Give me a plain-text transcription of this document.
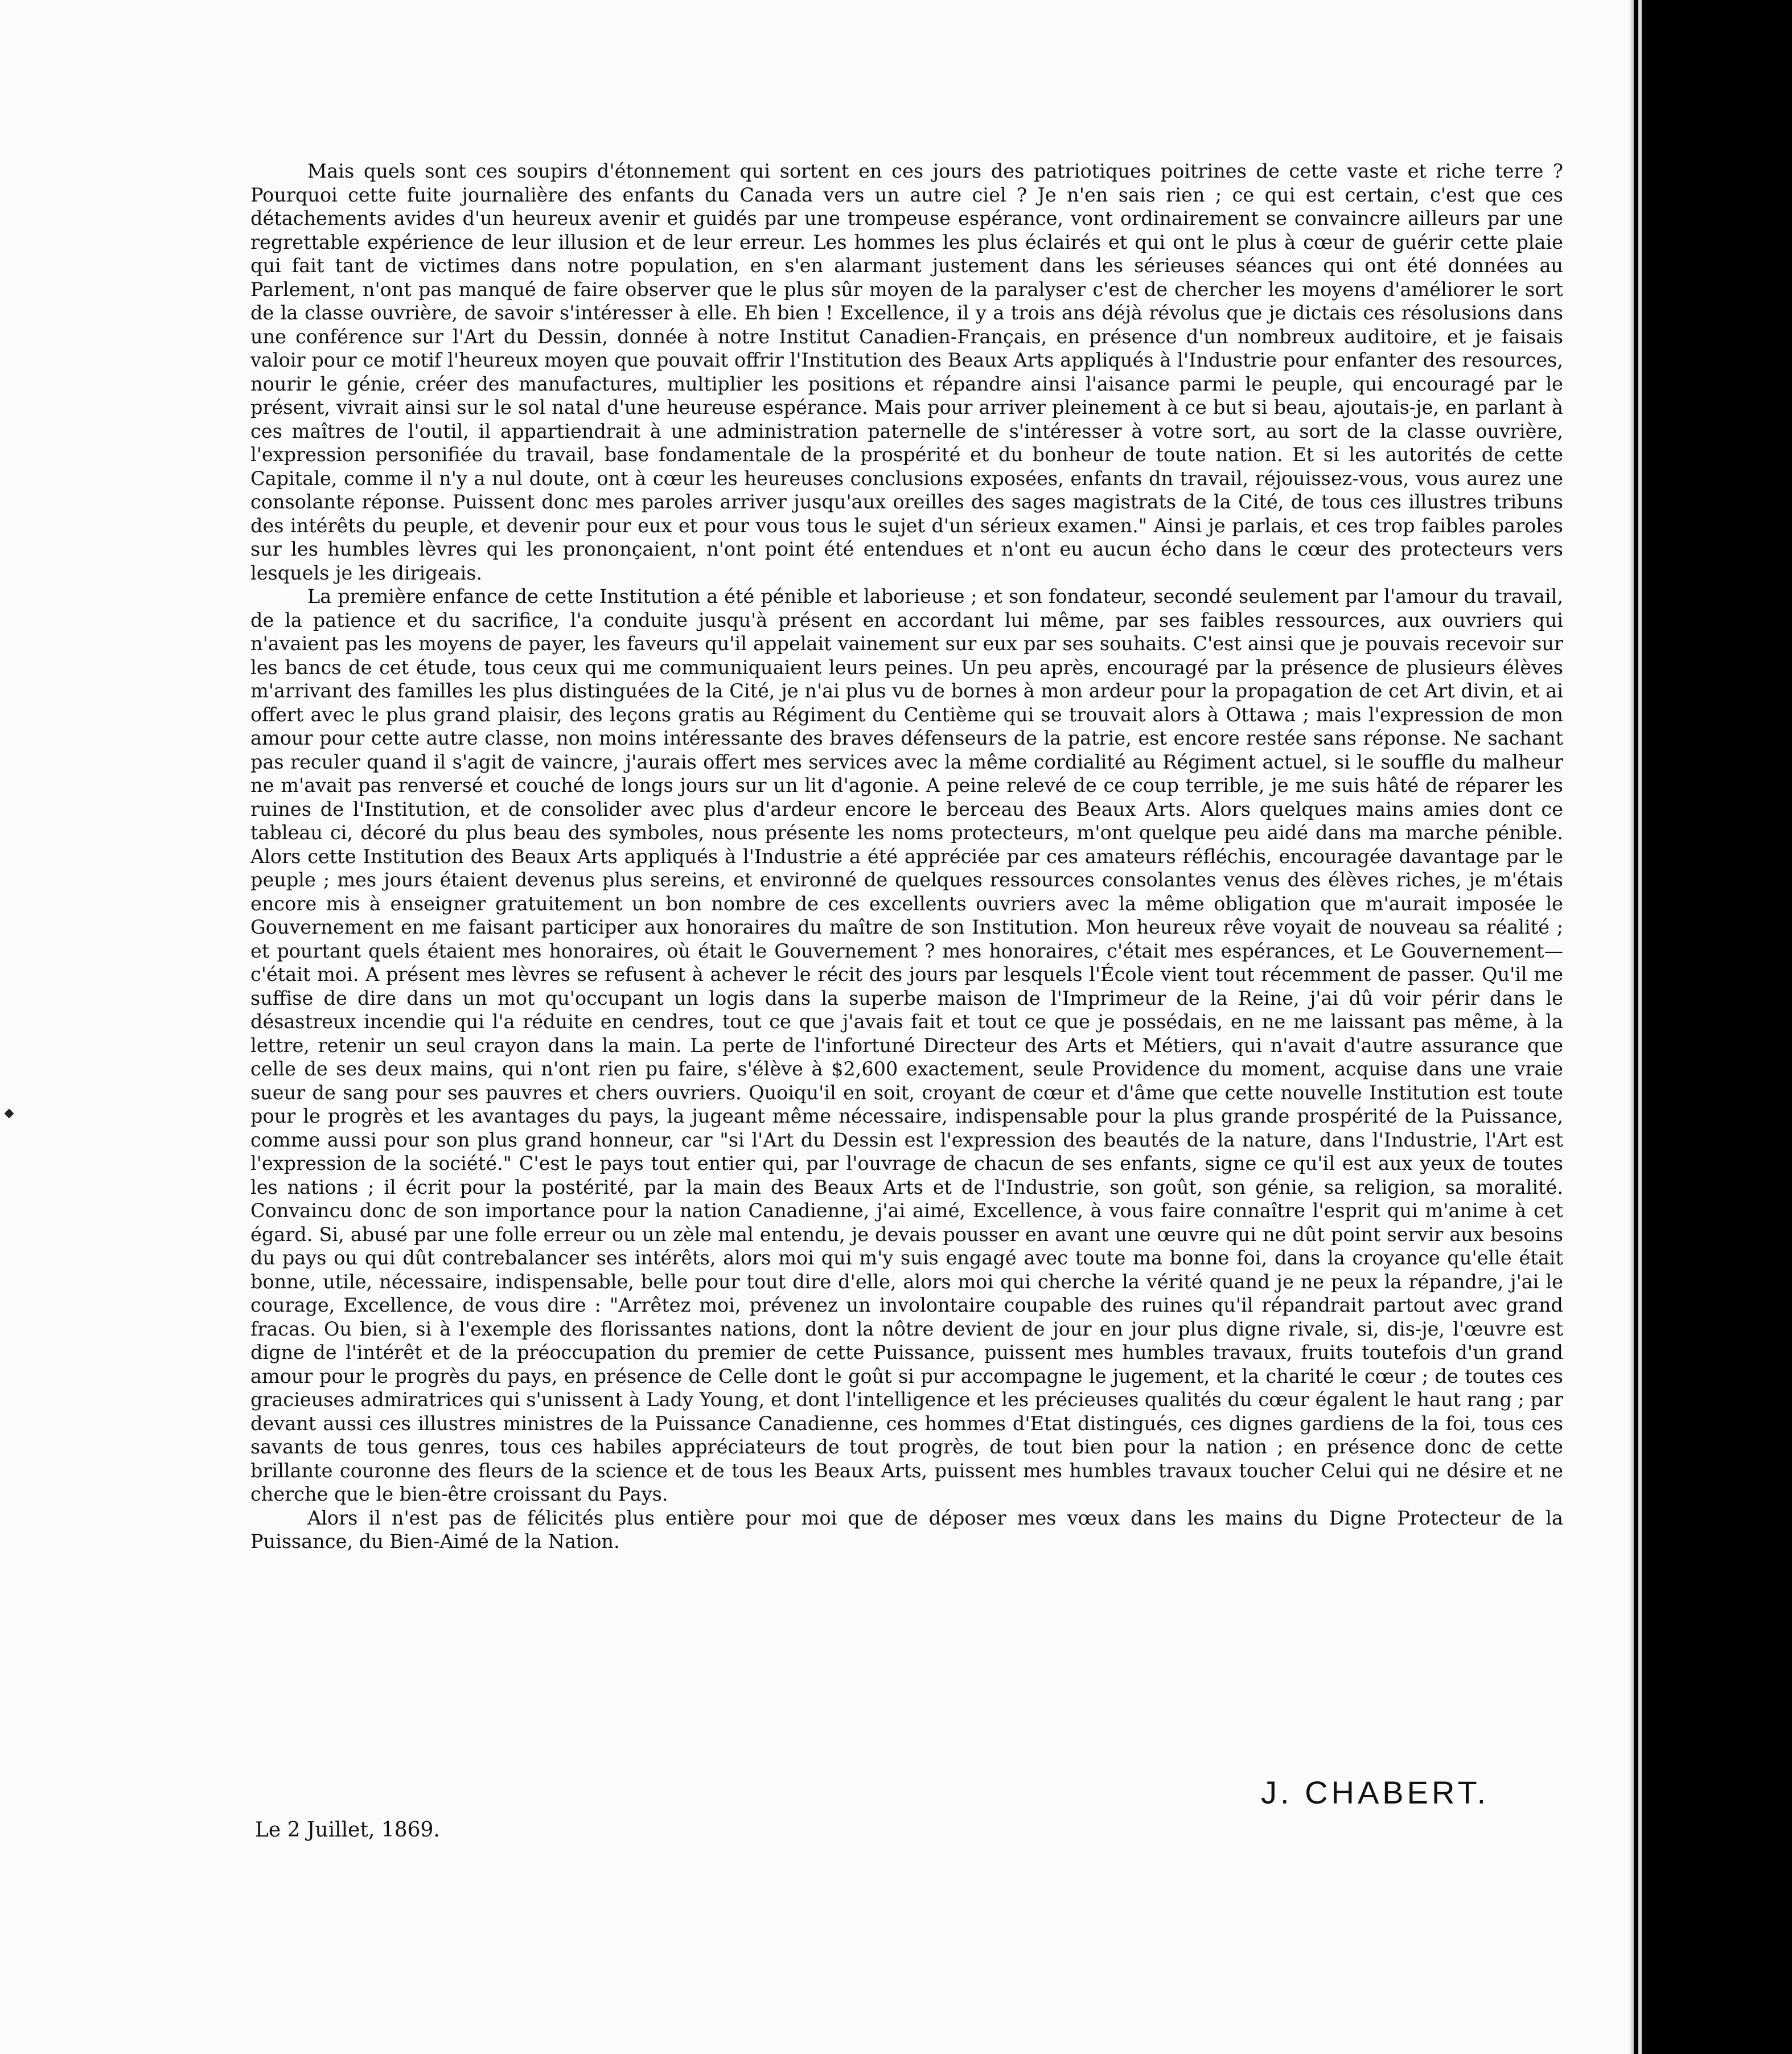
Mais quels sont ces soupirs d'étonnement qui sortent en ces jours des patriotiques poitrines de cette vaste et riche terre ? Pourquoi cette fuite journalière des enfants du Canada vers un autre ciel ? Je n'en sais rien ; ce qui est certain, c'est que ces détachements avides d'un heureux avenir et guidés par une trompeuse espérance, vont ordinairement se convaincre ailleurs par une regrettable expérience de leur illusion et de leur erreur. Les hommes les plus éclairés et qui ont le plus à cœur de guérir cette plaie qui fait tant de victimes dans notre population, en s'en alarmant justement dans les sérieuses séances qui ont été données au Parlement, n'ont pas manqué de faire observer que le plus sûr moyen de la paralyser c'est de chercher les moyens d'améliorer le sort de la classe ouvrière, de savoir s'intéresser à elle. Eh bien ! Excellence, il y a trois ans déjà révolus que je dictais ces résolusions dans une conférence sur l'Art du Dessin, donnée à notre Institut Canadien-Français, en présence d'un nombreux auditoire, et je faisais valoir pour ce motif l'heureux moyen que pouvait offrir l'Institution des Beaux Arts appliqués à l'Industrie pour enfanter des resources, nourir le génie, créer des manufactures, multiplier les positions et répandre ainsi l'aisance parmi le peuple, qui encouragé par le présent, vivrait ainsi sur le sol natal d'une heureuse espérance. Mais pour arriver pleinement à ce but si beau, ajoutais-je, en parlant à ces maîtres de l'outil, il appartiendrait à une administration paternelle de s'intéresser à votre sort, au sort de la classe ouvrière, l'expression personifiée du travail, base fondamentale de la prospérité et du bonheur de toute nation. Et si les autorités de cette Capitale, comme il n'y a nul doute, ont à cœur les heureuses conclusions exposées, enfants dn travail, réjouissez-vous, vous aurez une consolante réponse. Puissent donc mes paroles arriver jusqu'aux oreilles des sages magistrats de la Cité, de tous ces illustres tribuns des intérêts du peuple, et devenir pour eux et pour vous tous le sujet d'un sérieux examen." Ainsi je parlais, et ces trop faibles paroles sur les humbles lèvres qui les prononçaient, n'ont point été entendues et n'ont eu aucun écho dans le cœur des protecteurs vers lesquels je les dirigeais.

La première enfance de cette Institution a été pénible et laborieuse ; et son fondateur, secondé seulement par l'amour du travail, de la patience et du sacrifice, l'a conduite jusqu'à présent en accordant lui même, par ses faibles ressources, aux ouvriers qui n'avaient pas les moyens de payer, les faveurs qu'il appelait vainement sur eux par ses souhaits. C'est ainsi que je pouvais recevoir sur les bancs de cet étude, tous ceux qui me communiquaient leurs peines. Un peu après, encouragé par la présence de plusieurs élèves m'arrivant des familles les plus distinguées de la Cité, je n'ai plus vu de bornes à mon ardeur pour la propagation de cet Art divin, et ai offert avec le plus grand plaisir, des leçons gratis au Régiment du Centième qui se trouvait alors à Ottawa ; mais l'expression de mon amour pour cette autre classe, non moins intéressante des braves défenseurs de la patrie, est encore restée sans réponse. Ne sachant pas reculer quand il s'agit de vaincre, j'aurais offert mes services avec la même cordialité au Régiment actuel, si le souffle du malheur ne m'avait pas renversé et couché de longs jours sur un lit d'agonie. A peine relevé de ce coup terrible, je me suis hâté de réparer les ruines de l'Institution, et de consolider avec plus d'ardeur encore le berceau des Beaux Arts. Alors quelques mains amies dont ce tableau ci, décoré du plus beau des symboles, nous présente les noms protecteurs, m'ont quelque peu aidé dans ma marche pénible. Alors cette Institution des Beaux Arts appliqués à l'Industrie a été appréciée par ces amateurs réfléchis, encouragée davantage par le peuple ; mes jours étaient devenus plus sereins, et environné de quelques ressources consolantes venus des élèves riches, je m'étais encore mis à enseigner gratuitement un bon nombre de ces excellents ouvriers avec la même obligation que m'aurait imposée le Gouvernement en me faisant participer aux honoraires du maître de son Institution. Mon heureux rêve voyait de nouveau sa réalité ; et pourtant quels étaient mes honoraires, où était le Gouvernement ? mes honoraires, c'était mes espérances, et Le Gouvernement—c'était moi. A présent mes lèvres se refusent à achever le récit des jours par lesquels l'École vient tout récemment de passer. Qu'il me suffise de dire dans un mot qu'occupant un logis dans la superbe maison de l'Imprimeur de la Reine, j'ai dû voir périr dans le désastreux incendie qui l'a réduite en cendres, tout ce que j'avais fait et tout ce que je possédais, en ne me laissant pas même, à la lettre, retenir un seul crayon dans la main. La perte de l'infortuné Directeur des Arts et Métiers, qui n'avait d'autre assurance que celle de ses deux mains, qui n'ont rien pu faire, s'élève à $2,600 exactement, seule Providence du moment, acquise dans une vraie sueur de sang pour ses pauvres et chers ouvriers. Quoiqu'il en soit, croyant de cœur et d'âme que cette nouvelle Institution est toute pour le progrès et les avantages du pays, la jugeant même nécessaire, indispensable pour la plus grande prospérité de la Puissance, comme aussi pour son plus grand honneur, car "si l'Art du Dessin est l'expression des beautés de la nature, dans l'Industrie, l'Art est l'expression de la société." C'est le pays tout entier qui, par l'ouvrage de chacun de ses enfants, signe ce qu'il est aux yeux de toutes les nations ; il écrit pour la postérité, par la main des Beaux Arts et de l'Industrie, son goût, son génie, sa religion, sa moralité. Convaincu donc de son importance pour la nation Canadienne, j'ai aimé, Excellence, à vous faire connaître l'esprit qui m'anime à cet égard. Si, abusé par une folle erreur ou un zèle mal entendu, je devais pousser en avant une œuvre qui ne dût point servir aux besoins du pays ou qui dût contrebalancer ses intérêts, alors moi qui m'y suis engagé avec toute ma bonne foi, dans la croyance qu'elle était bonne, utile, nécessaire, indispensable, belle pour tout dire d'elle, alors moi qui cherche la vérité quand je ne peux la répandre, j'ai le courage, Excellence, de vous dire : "Arrêtez moi, prévenez un involontaire coupable des ruines qu'il répandrait partout avec grand fracas. Ou bien, si à l'exemple des florissantes nations, dont la nôtre devient de jour en jour plus digne rivale, si, dis-je, l'œuvre est digne de l'intérêt et de la préoccupation du premier de cette Puissance, puissent mes humbles travaux, fruits toutefois d'un grand amour pour le progrès du pays, en présence de Celle dont le goût si pur accompagne le jugement, et la charité le cœur ; de toutes ces gracieuses admiratrices qui s'unissent à Lady Young, et dont l'intelligence et les précieuses qualités du cœur égalent le haut rang ; par devant aussi ces illustres ministres de la Puissance Canadienne, ces hommes d'Etat distingués, ces dignes gardiens de la foi, tous ces savants de tous genres, tous ces habiles appréciateurs de tout progrès, de tout bien pour la nation ; en présence donc de cette brillante couronne des fleurs de la science et de tous les Beaux Arts, puissent mes humbles travaux toucher Celui qui ne désire et ne cherche que le bien-être croissant du Pays.

Alors il n'est pas de félicités plus entière pour moi que de déposer mes vœux dans les mains du Digne Protecteur de la Puissance, du Bien-Aimé de la Nation.

Le 2 Juillet, 1869.
J. CHABERT.
